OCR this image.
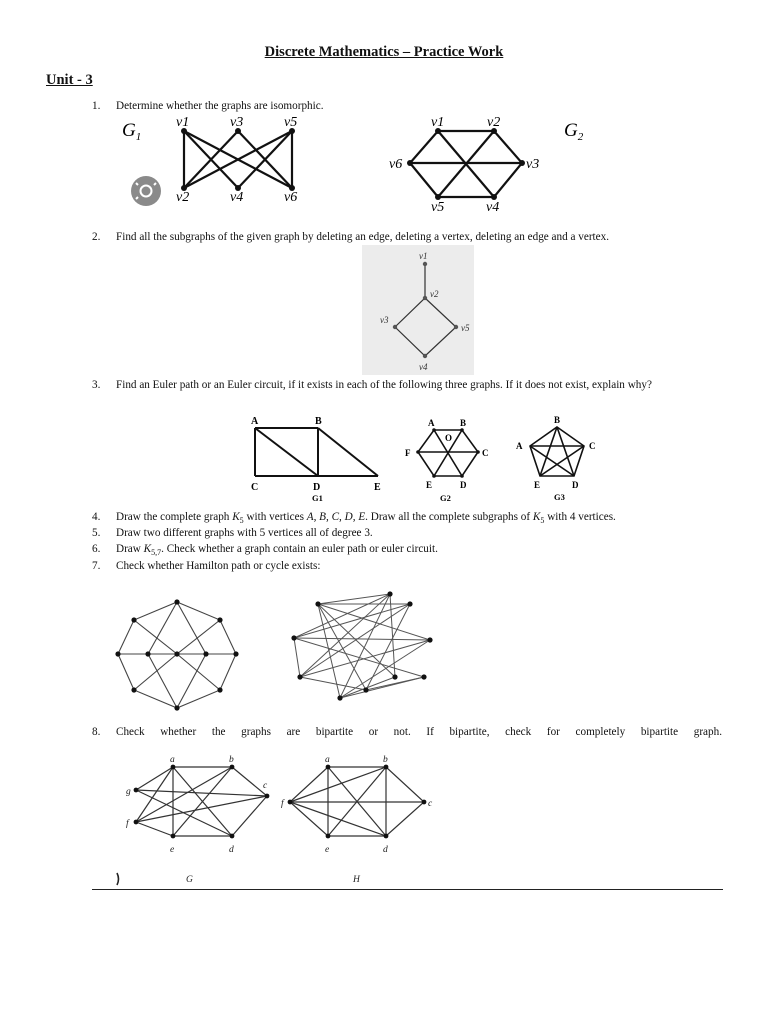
Discrete Mathematics – Practice Work
Unit - 3
1.	Determine whether the graphs are isomorphic.
$G_1$
v1	v3	v5
v2	v4	v6
v1	v2
v3
v4
v5
v6
$G_2$
2.	Find all the subgraphs of the given graph by deleting an edge, deleting a vertex, deleting an edge and a vertex.
v1
v2
v3
v5
v4
3.	Find an Euler path or an Euler circuit, if it exists in each of the following three graphs. If it does not exist, explain why?
A	B
C	D	E
G1
A	B
C
D
E
F
O
G2
A
B
C
D
E
G3
4.	Draw the complete graph $K_5$ with vertices A, B, C, D, E. Draw all the complete subgraphs of $K_5$ with 4 vertices.
5.	Draw two different graphs with 5 vertices all of degree 3.
6.	Draw $K_{5,7}$. Check whether a graph contain an euler path or euler circuit.
7.	Check whether Hamilton path or cycle exists:
8.	Check whether the graphs are bipartite or not. If bipartite, check for completely bipartite graph.
a	b
c
d
e
f
g
G
a	b
c
d
e
f
H
